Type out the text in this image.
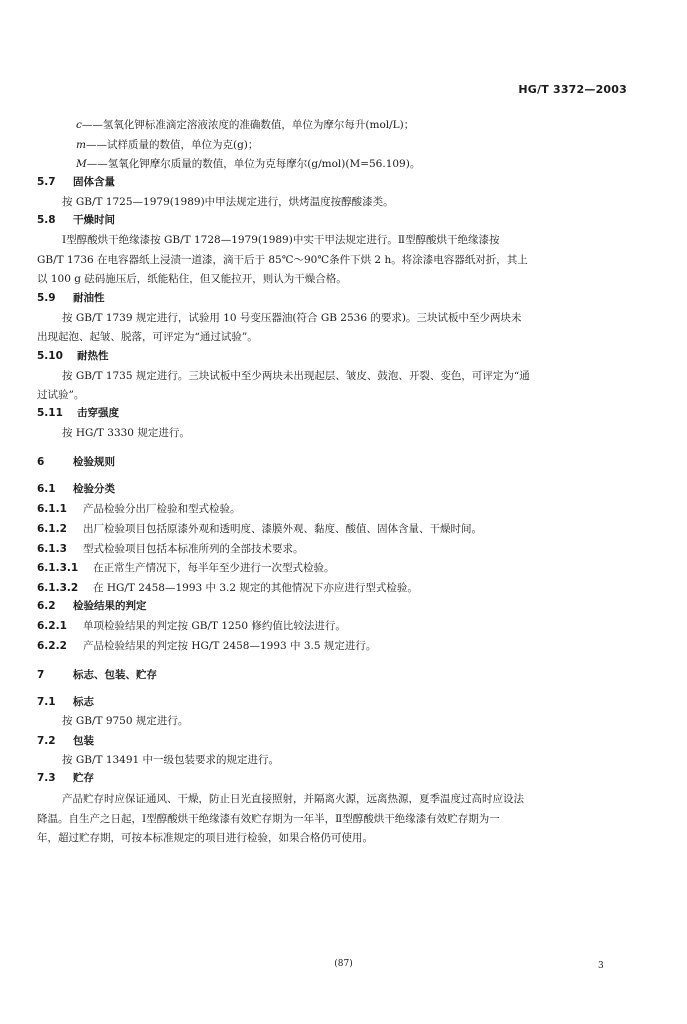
HG/T 3372—2003
c——氢氧化钾标准滴定溶液浓度的准确数值，单位为摩尔每升(mol/L)；
m——试样质量的数值，单位为克(g)；
M——氢氧化钾摩尔质量的数值，单位为克每摩尔(g/mol)(M=56.109)。
5.7 固体含量
按 GB/T 1725—1979(1989)中甲法规定进行，烘烤温度按醇酸漆类。
5.8 干燥时间
Ⅰ型醇酸烘干绝缘漆按 GB/T 1728—1979(1989)中实干甲法规定进行。Ⅱ型醇酸烘干绝缘漆按
GB/T 1736 在电容器纸上浸渍一道漆，滴干后于 85℃～90℃条件下烘 2 h。将涂漆电容器纸对折，其上
以 100 g 砝码施压后，纸能粘住，但又能拉开，则认为干燥合格。
5.9 耐油性
按 GB/T 1739 规定进行，试验用 10 号变压器油(符合 GB 2536 的要求)。三块试板中至少两块未
出现起泡、起皱、脱落，可评定为“通过试验”。
5.10 耐热性
按 GB/T 1735 规定进行。三块试板中至少两块未出现起层、皱皮、鼓泡、开裂、变色，可评定为“通
过试验”。
5.11 击穿强度
按 HG/T 3330 规定进行。
6	检验规则
6.1 检验分类
6.1.1 产品检验分出厂检验和型式检验。
6.1.2 出厂检验项目包括原漆外观和透明度、漆膜外观、黏度、酸值、固体含量、干燥时间。
6.1.3 型式检验项目包括本标准所列的全部技术要求。
6.1.3.1 在正常生产情况下，每半年至少进行一次型式检验。
6.1.3.2 在 HG/T 2458—1993 中 3.2 规定的其他情况下亦应进行型式检验。
6.2 检验结果的判定
6.2.1 单项检验结果的判定按 GB/T 1250 修约值比较法进行。
6.2.2 产品检验结果的判定按 HG/T 2458—1993 中 3.5 规定进行。
7	标志、包装、贮存
7.1 标志
按 GB/T 9750 规定进行。
7.2 包装
按 GB/T 13491 中一级包装要求的规定进行。
7.3 贮存
产品贮存时应保证通风、干燥，防止日光直接照射，并隔离火源，远离热源，夏季温度过高时应设法
降温。自生产之日起，Ⅰ型醇酸烘干绝缘漆有效贮存期为一年半，Ⅱ型醇酸烘干绝缘漆有效贮存期为一
年，超过贮存期，可按本标准规定的项目进行检验，如果合格仍可使用。
(87)	3
